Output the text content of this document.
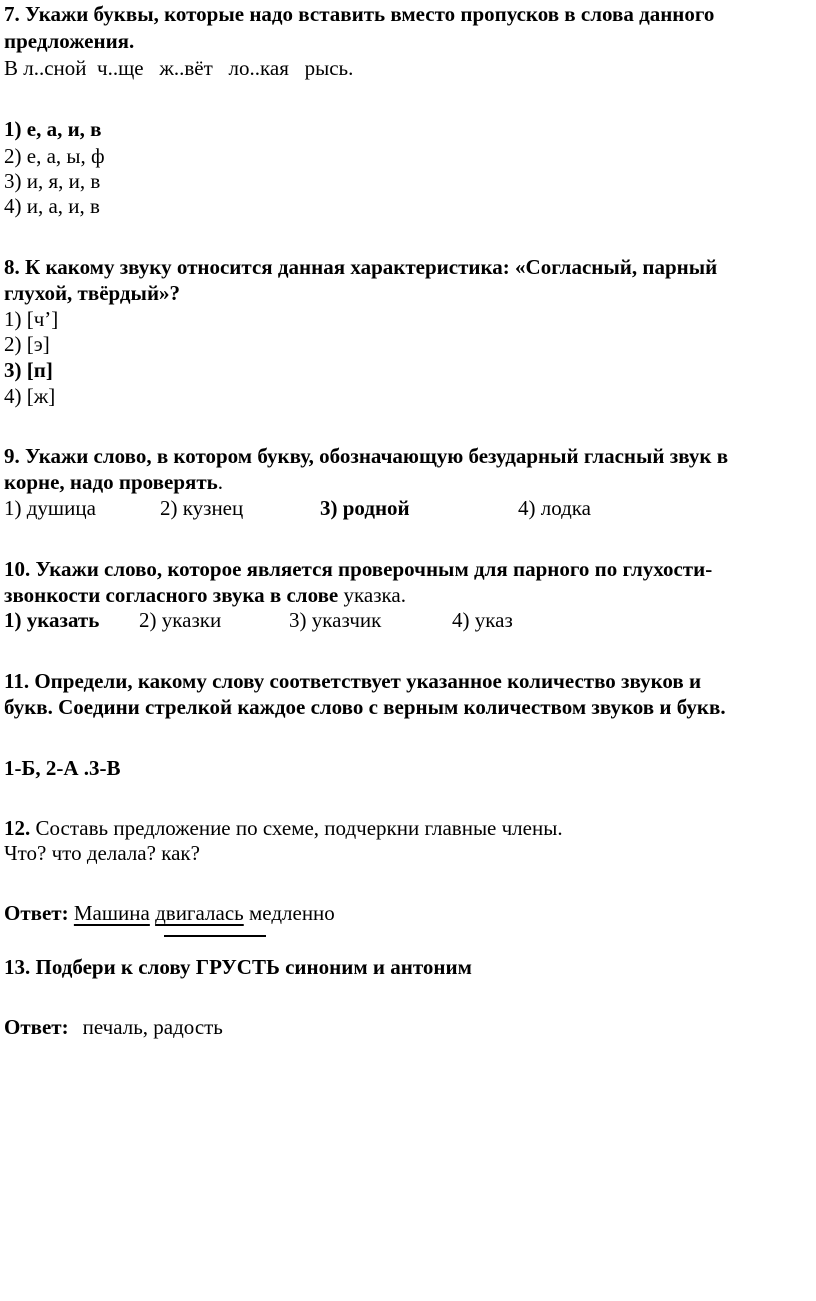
7. Укажи буквы, которые надо вставить вместо пропусков в слова данного
предложения.
В л..сной  ч..ще   ж..вёт   ло..кая   рысь.
1) е, а, и, в
2) е, а, ы, ф
3) и, я, и, в
4) и, а, и, в
8. К какому звуку относится данная характеристика: «Согласный, парный
глухой, твёрдый»?
1) [ч’]
2) [э]
3) [п]
4) [ж]
9. Укажи слово, в котором букву, обозначающую безударный гласный звук в
корне, надо проверять.
1) душица	2) кузнец	3) родной	4) лодка
10. Укажи слово, которое является проверочным для парного по глухости-
звонкости согласного звука в слове указка.
1) указать 2) указки	3) указчик	4) указ
11. Определи, какому слову соответствует указанное количество звуков и
букв. Соедини стрелкой каждое слово с верным количеством звуков и букв.
1-Б, 2-А .3-В
12. Составь предложение по схеме, подчеркни главные члены.
Что? что делала? как?
Ответ: Машина двигалась медленно
13. Подбери к слову ГРУСТЬ синоним и антоним
Ответ: печаль, радость
